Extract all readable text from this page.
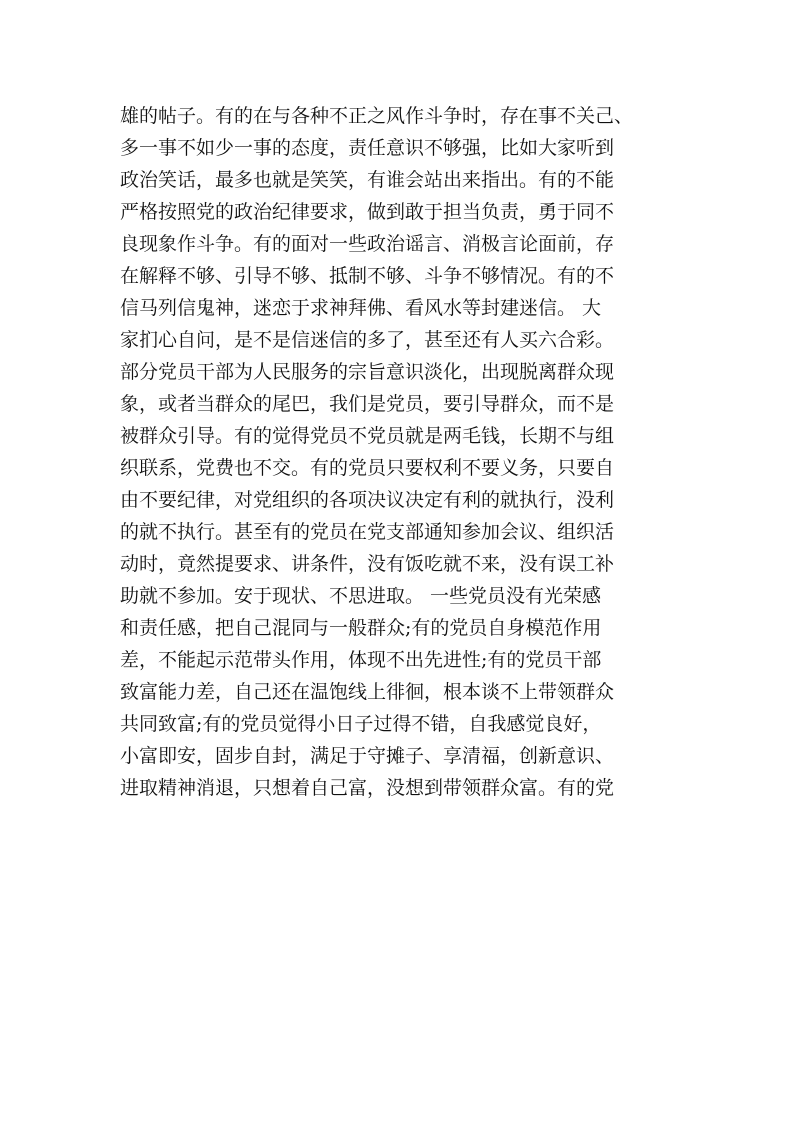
雄的帖子。有的在与各种不正之风作斗争时，存在事不关己、
多一事不如少一事的态度，责任意识不够强，比如大家听到
政治笑话，最多也就是笑笑，有谁会站出来指出。有的不能
严格按照党的政治纪律要求，做到敢于担当负责，勇于同不
良现象作斗争。有的面对一些政治谣言、消极言论面前，存
在解释不够、引导不够、抵制不够、斗争不够情况。有的不
信马列信鬼神，迷恋于求神拜佛、看风水等封建迷信。 大
家扪心自问，是不是信迷信的多了，甚至还有人买六合彩。
部分党员干部为人民服务的宗旨意识淡化，出现脱离群众现
象，或者当群众的尾巴，我们是党员，要引导群众，而不是
被群众引导。有的觉得党员不党员就是两毛钱，长期不与组
织联系，党费也不交。有的党员只要权利不要义务，只要自
由不要纪律，对党组织的各项决议决定有利的就执行，没利
的就不执行。甚至有的党员在党支部通知参加会议、组织活
动时，竟然提要求、讲条件，没有饭吃就不来，没有误工补
助就不参加。安于现状、不思进取。 一些党员没有光荣感
和责任感，把自己混同与一般群众;有的党员自身模范作用
差，不能起示范带头作用，体现不出先进性;有的党员干部
致富能力差，自己还在温饱线上徘徊，根本谈不上带领群众
共同致富;有的党员觉得小日子过得不错，自我感觉良好，
小富即安，固步自封，满足于守摊子、享清福，创新意识、
进取精神消退，只想着自己富，没想到带领群众富。有的党
